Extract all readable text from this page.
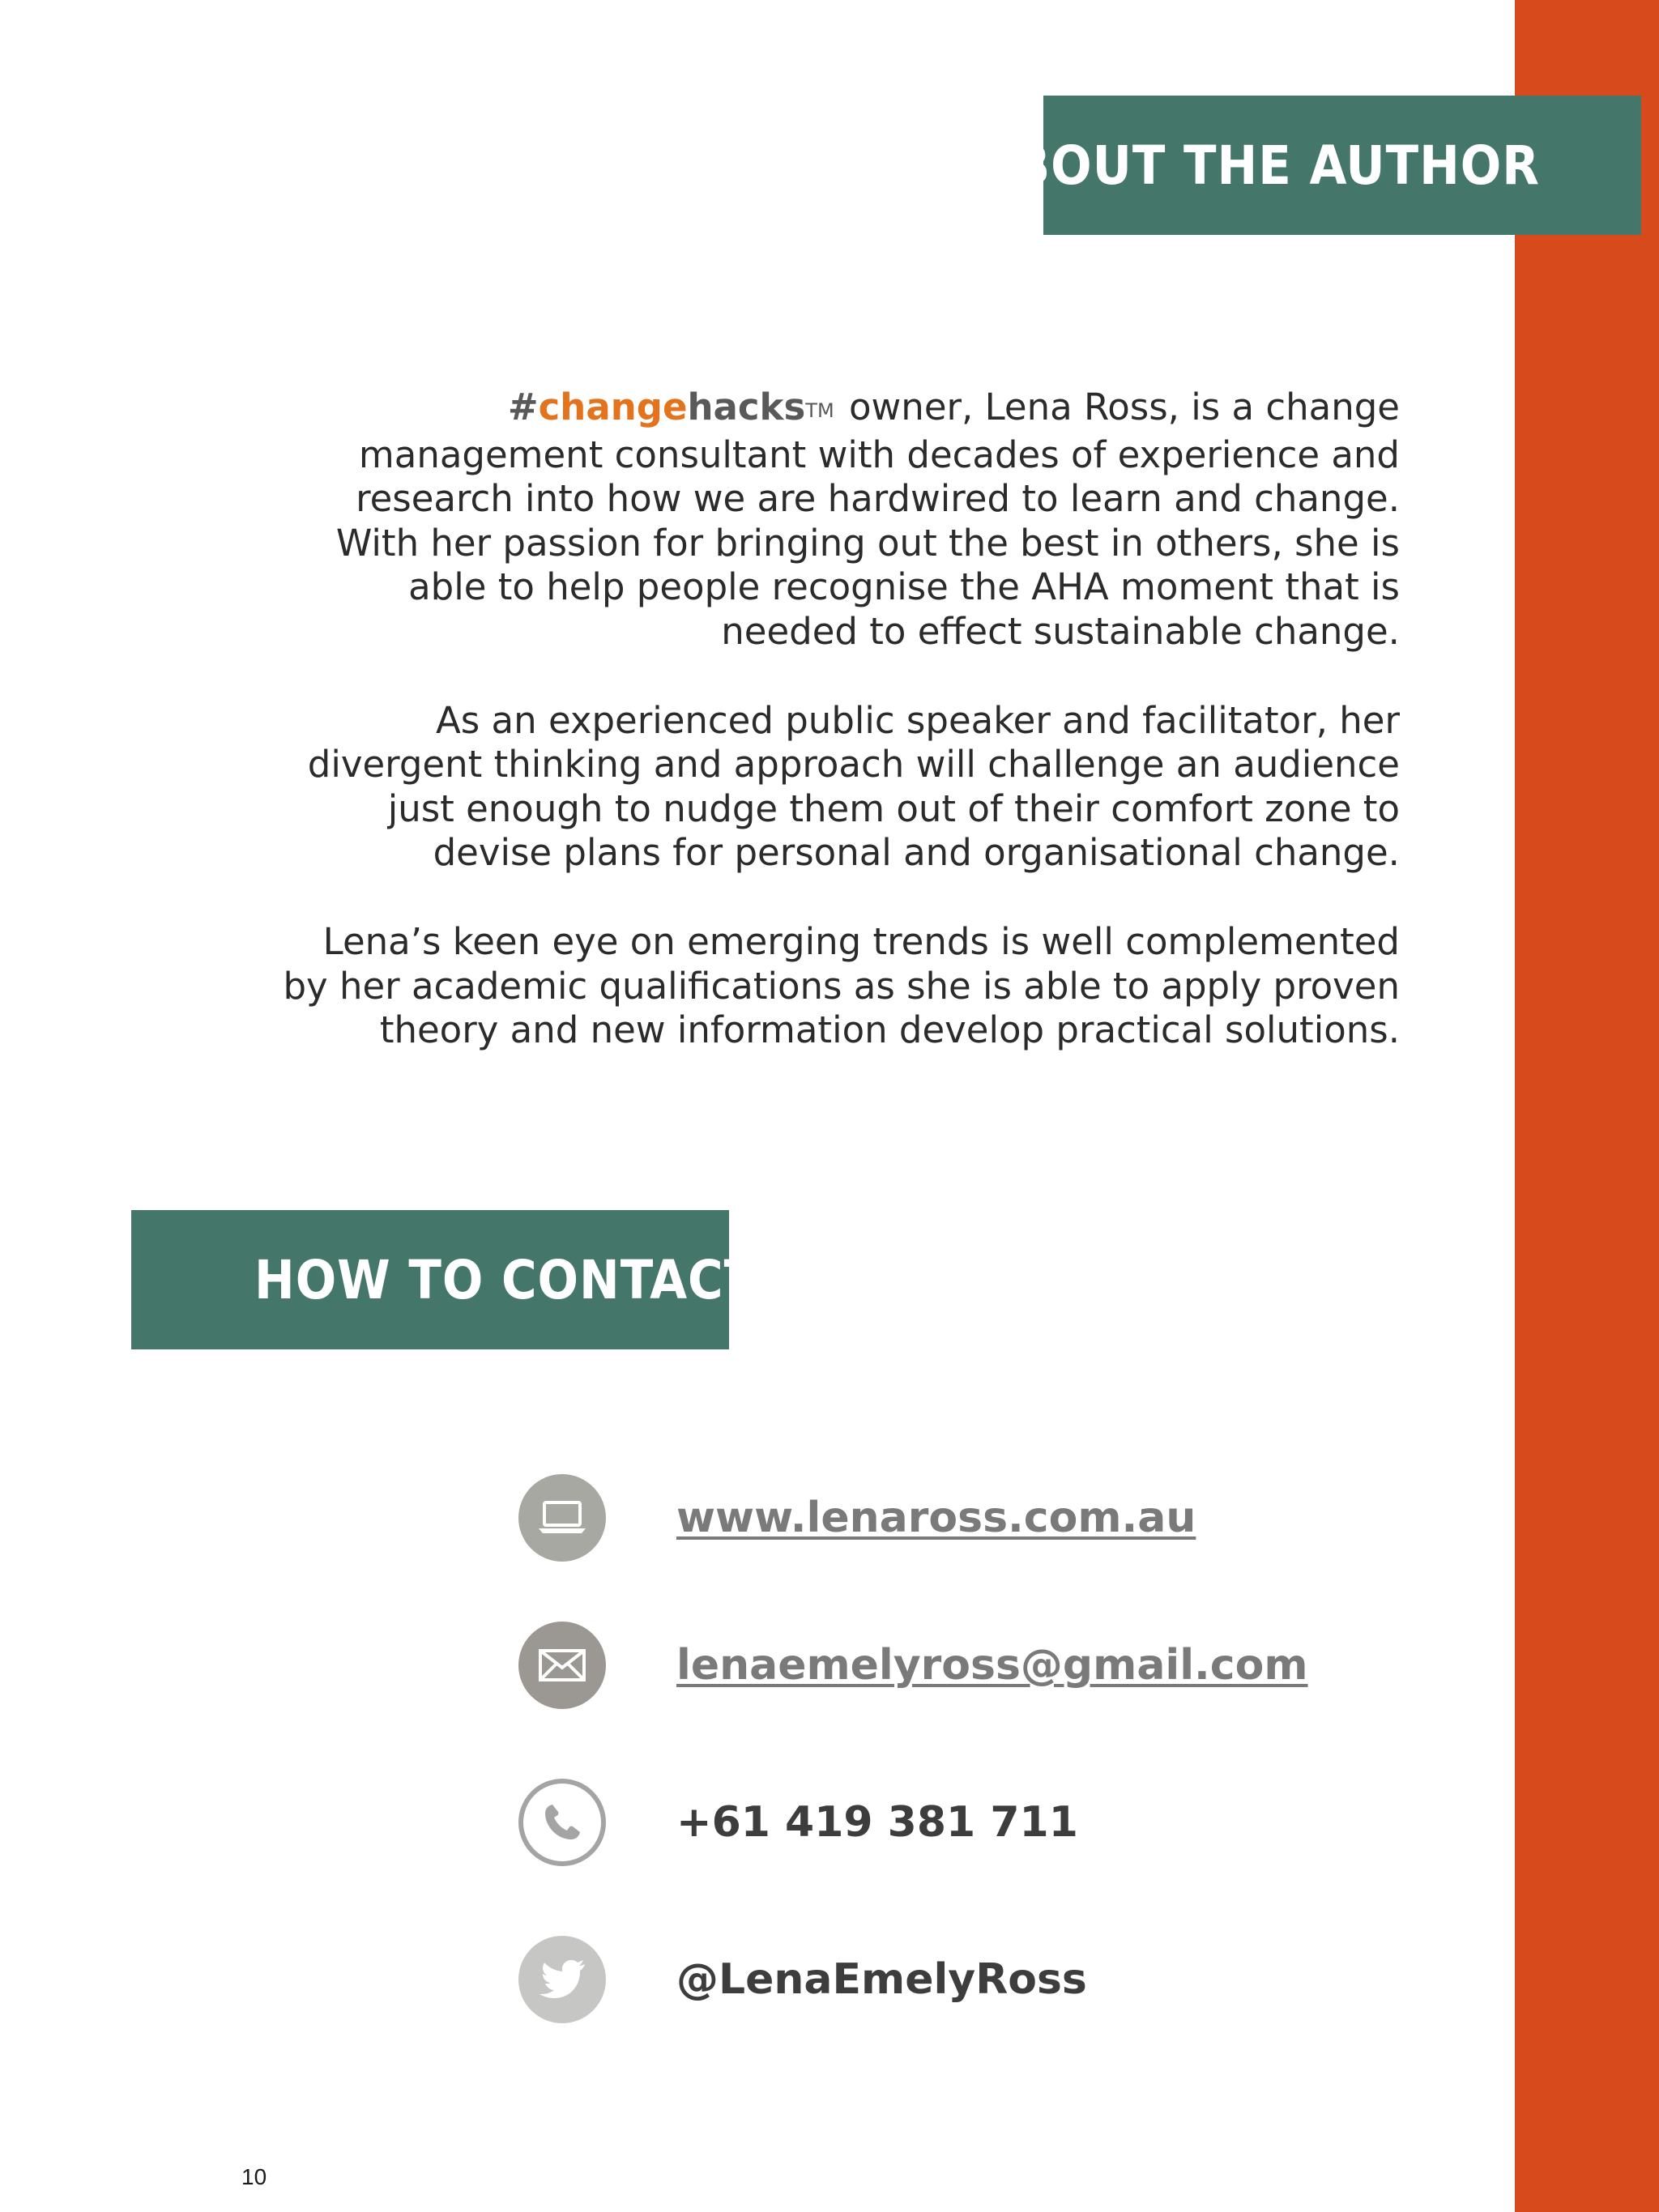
ABOUT THE AUTHOR

#changehacksTM owner, Lena Ross, is a change management consultant with decades of experience and research into how we are hardwired to learn and change. With her passion for bringing out the best in others, she is able to help people recognise the AHA moment that is needed to effect sustainable change.

As an experienced public speaker and facilitator, her divergent thinking and approach will challenge an audience just enough to nudge them out of their comfort zone to devise plans for personal and organisational change.

Lena’s keen eye on emerging trends is well complemented by her academic qualifications as she is able to apply proven theory and new information develop practical solutions.

HOW TO CONTACT
www.lenaross.com.au
lenaemelyross@gmail.com
+61 419 381 711
@LenaEmelyRoss
10
